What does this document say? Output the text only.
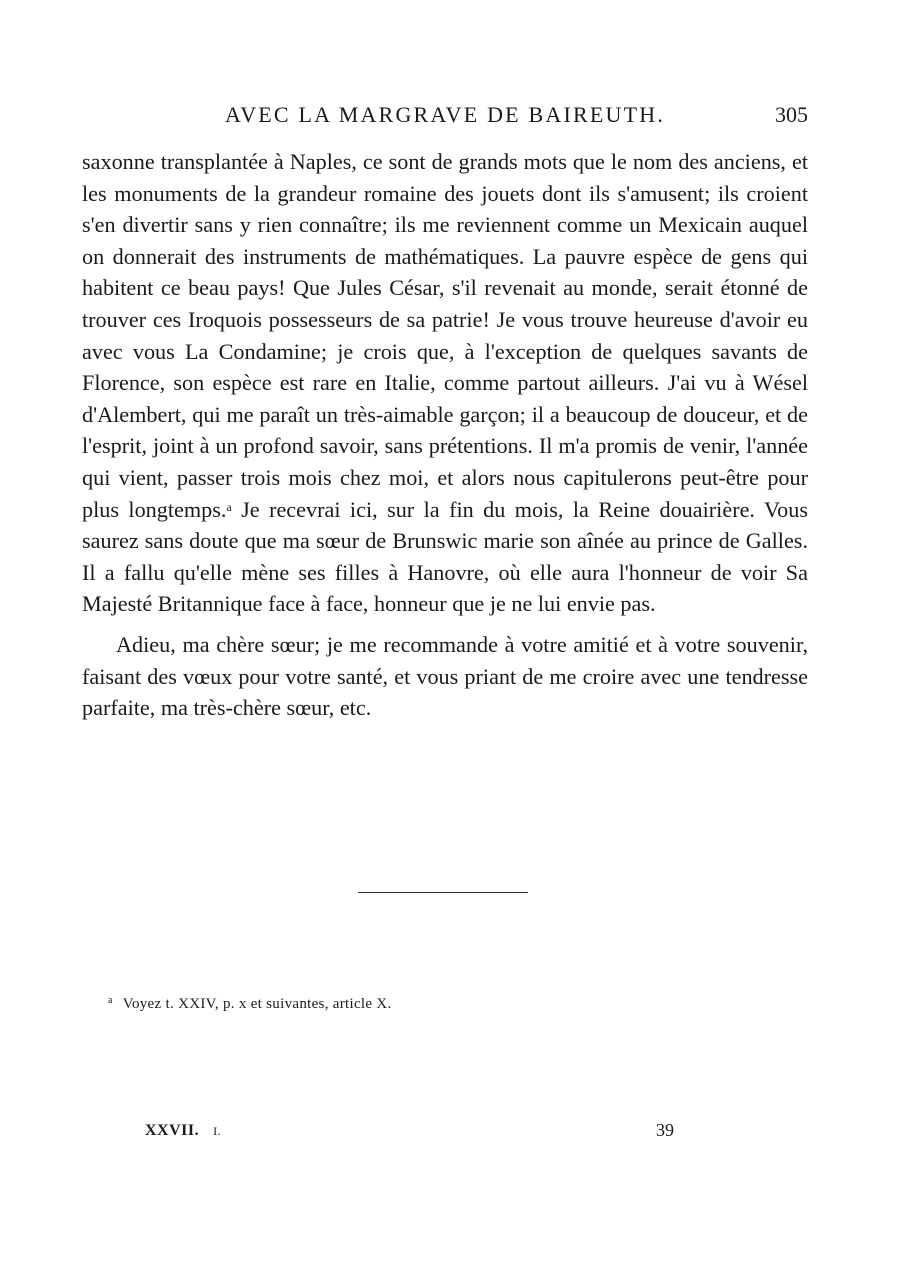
AVEC LA MARGRAVE DE BAIREUTH.	305

saxonne transplantée à Naples, ce sont de grands mots que le nom des anciens, et les monuments de la grandeur romaine des jouets dont ils s'amusent; ils croient s'en divertir sans y rien connaître; ils me reviennent comme un Mexicain auquel on donnerait des instruments de mathématiques. La pauvre espèce de gens qui habitent ce beau pays! Que Jules César, s'il revenait au monde, serait étonné de trouver ces Iroquois possesseurs de sa patrie! Je vous trouve heureuse d'avoir eu avec vous La Condamine; je crois que, à l'exception de quelques savants de Florence, son espèce est rare en Italie, comme partout ailleurs. J'ai vu à Wésel d'Alembert, qui me paraît un très-aimable garçon; il a beaucoup de douceur, et de l'esprit, joint à un profond savoir, sans prétentions. Il m'a promis de venir, l'année qui vient, passer trois mois chez moi, et alors nous capitulerons peut-être pour plus longtemps.$^a$ Je recevrai ici, sur la fin du mois, la Reine douairière. Vous saurez sans doute que ma sœur de Brunswic marie son aînée au prince de Galles. Il a fallu qu'elle mène ses filles à Hanovre, où elle aura l'honneur de voir Sa Majesté Britannique face à face, honneur que je ne lui envie pas.

Adieu, ma chère sœur; je me recommande à votre amitié et à votre souvenir, faisant des vœux pour votre santé, et vous priant de me croire avec une tendresse parfaite, ma très-chère sœur, etc.

$^a$ Voyez t. XXIV, p. x et suivantes, article X.
XXVII. I.	39
